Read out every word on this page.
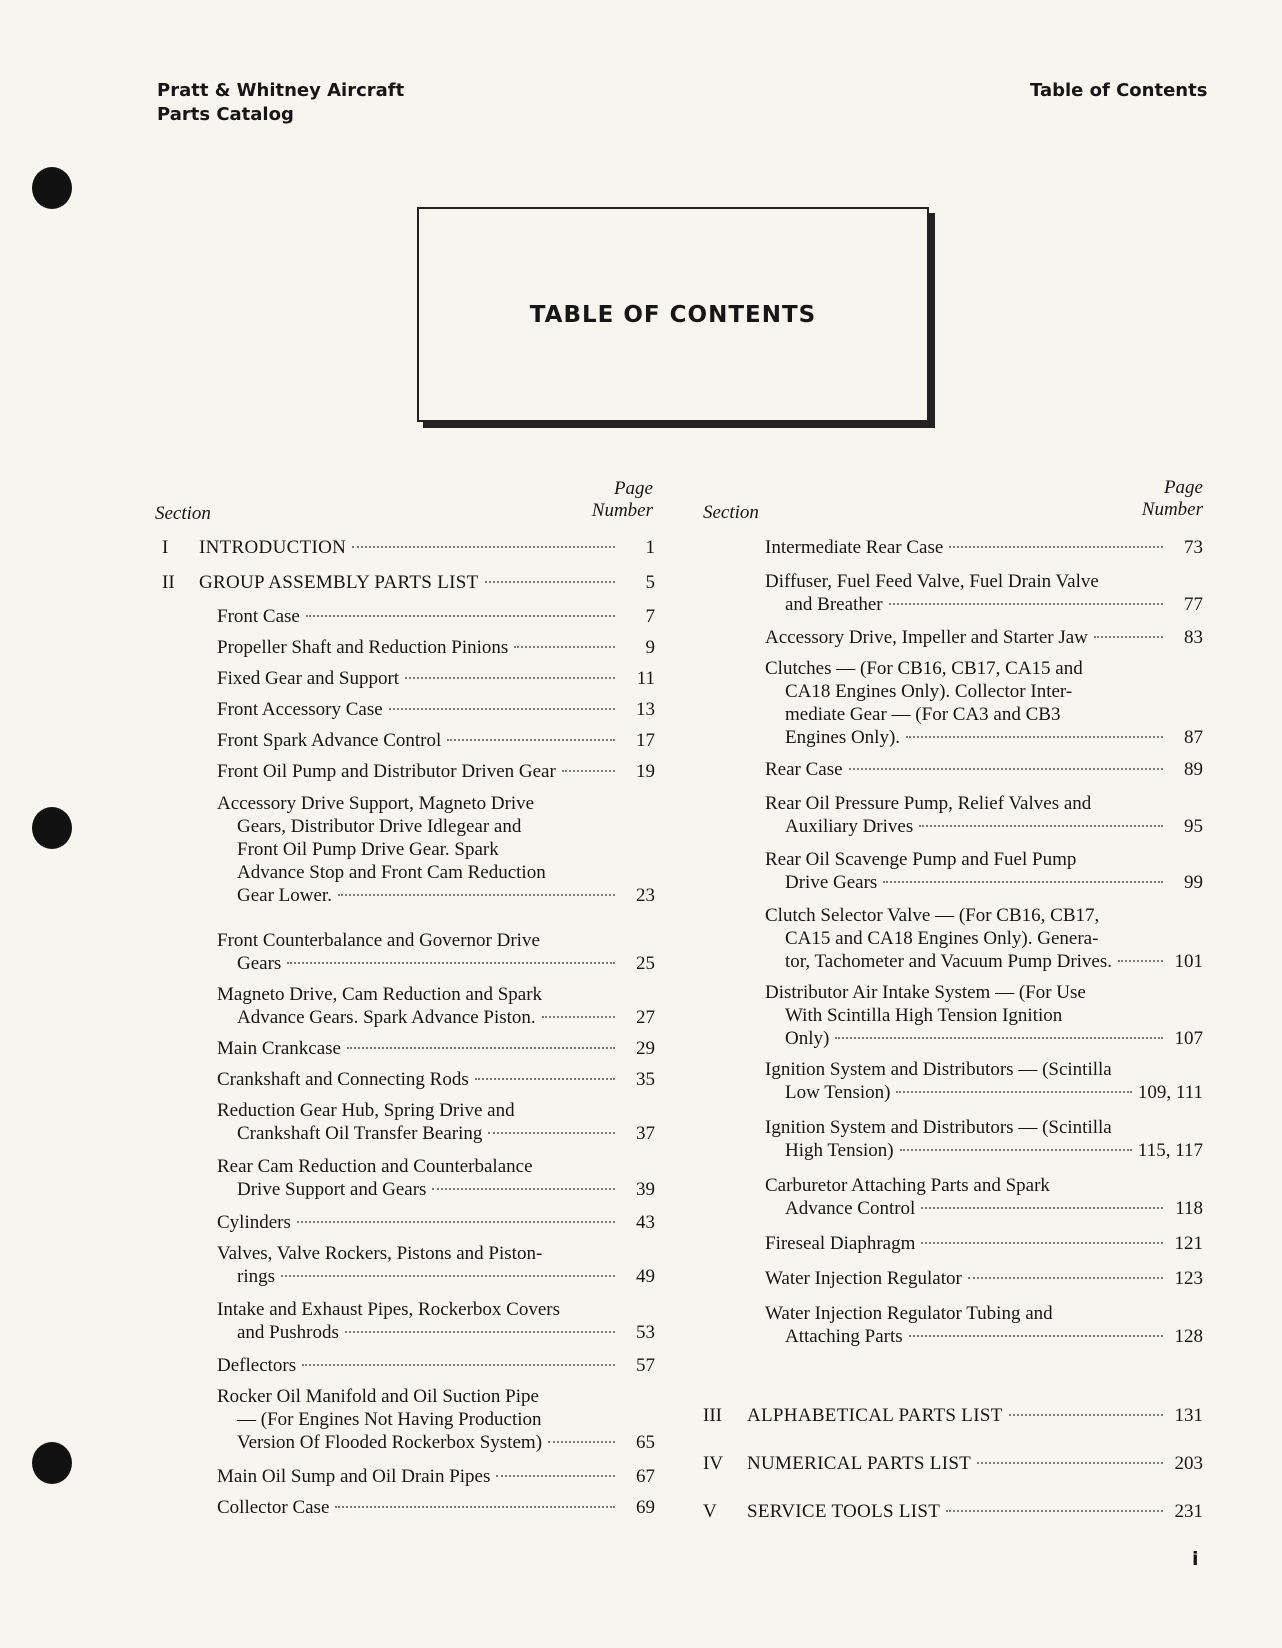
Pratt & Whitney Aircraft
Parts Catalog
Table of Contents
TABLE OF CONTENTS
Section
Page
Number
I INTRODUCTION	1
II GROUP ASSEMBLY PARTS LIST	5
Front Case	7
Propeller Shaft and Reduction Pinions	9
Fixed Gear and Support	11
Front Accessory Case	13
Front Spark Advance Control	17
Front Oil Pump and Distributor Driven Gear	19
Accessory Drive Support, Magneto Drive
Gears, Distributor Drive Idlegear and
Front Oil Pump Drive Gear. Spark
Advance Stop and Front Cam Reduction
Gear Lower.	23
Front Counterbalance and Governor Drive
Gears	25
Magneto Drive, Cam Reduction and Spark
Advance Gears. Spark Advance Piston.	27
Main Crankcase	29
Crankshaft and Connecting Rods	35
Reduction Gear Hub, Spring Drive and
Crankshaft Oil Transfer Bearing	37
Rear Cam Reduction and Counterbalance
Drive Support and Gears	39
Cylinders	43
Valves, Valve Rockers, Pistons and Piston-
rings	49
Intake and Exhaust Pipes, Rockerbox Covers
and Pushrods	53
Deflectors	57
Rocker Oil Manifold and Oil Suction Pipe
— (For Engines Not Having Production
Version Of Flooded Rockerbox System)	65
Main Oil Sump and Oil Drain Pipes	67
Collector Case	69
Section
Page
Number
Intermediate Rear Case	73
Diffuser, Fuel Feed Valve, Fuel Drain Valve
and Breather	77
Accessory Drive, Impeller and Starter Jaw	83
Clutches — (For CB16, CB17, CA15 and
CA18 Engines Only). Collector Inter-
mediate Gear — (For CA3 and CB3
Engines Only).	87
Rear Case	89
Rear Oil Pressure Pump, Relief Valves and
Auxiliary Drives	95
Rear Oil Scavenge Pump and Fuel Pump
Drive Gears	99
Clutch Selector Valve — (For CB16, CB17,
CA15 and CA18 Engines Only). Genera-
tor, Tachometer and Vacuum Pump Drives.	101
Distributor Air Intake System — (For Use
With Scintilla High Tension Ignition
Only)	107
Ignition System and Distributors — (Scintilla
Low Tension)	109, 111
Ignition System and Distributors — (Scintilla
High Tension)	115, 117
Carburetor Attaching Parts and Spark
Advance Control	118
Fireseal Diaphragm	121
Water Injection Regulator	123
Water Injection Regulator Tubing and
Attaching Parts	128
III ALPHABETICAL PARTS LIST	131
IV NUMERICAL PARTS LIST	203
V SERVICE TOOLS LIST	231
i
